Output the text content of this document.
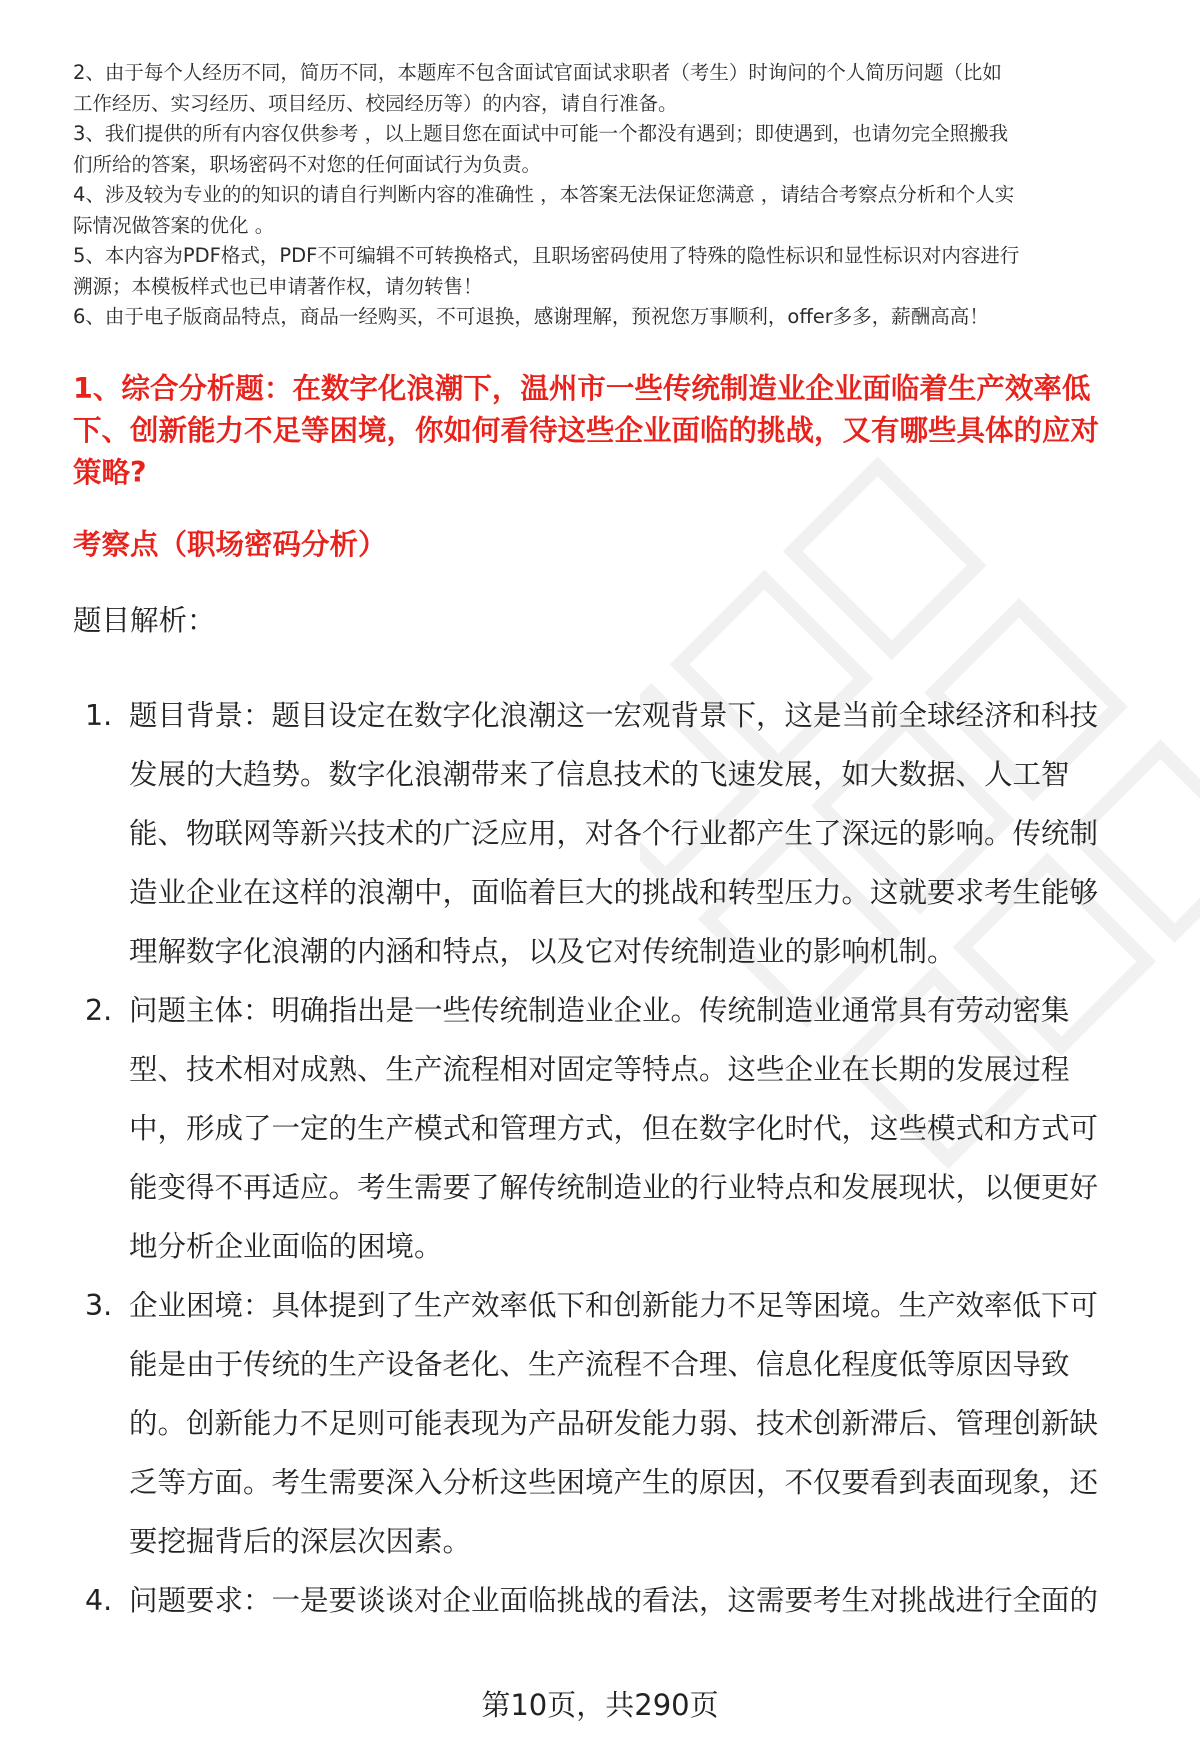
2、由于每个人经历不同，简历不同，本题库不包含面试官面试求职者（考生）时询问的个人简历问题（比如
工作经历、实习经历、项目经历、校园经历等）的内容，请自行准备。
3、我们提供的所有内容仅供参考 ，以上题目您在面试中可能一个都没有遇到；即使遇到，也请勿完全照搬我
们所给的答案，职场密码不对您的任何面试行为负责。
4、涉及较为专业的的知识的请自行判断内容的准确性 ，本答案无法保证您满意 ，请结合考察点分析和个人实
际情况做答案的优化 。
5、本内容为PDF格式，PDF不可编辑不可转换格式，且职场密码使用了特殊的隐性标识和显性标识对内容进行
溯源；本模板样式也已申请著作权，请勿转售！
6、由于电子版商品特点，商品一经购买，不可退换，感谢理解，预祝您万事顺利，offer多多，薪酬高高！
1、综合分析题：在数字化浪潮下，温州市一些传统制造业企业面临着生产效率低
下、创新能力不足等困境，你如何看待这些企业面临的挑战，又有哪些具体的应对
策略?
考察点（职场密码分析）
题目解析：
1. 题目背景：题目设定在数字化浪潮这一宏观背景下，这是当前全球经济和科技
发展的大趋势。数字化浪潮带来了信息技术的飞速发展，如大数据、人工智
能、物联网等新兴技术的广泛应用，对各个行业都产生了深远的影响。传统制
造业企业在这样的浪潮中，面临着巨大的挑战和转型压力。这就要求考生能够
理解数字化浪潮的内涵和特点，以及它对传统制造业的影响机制。
2. 问题主体：明确指出是一些传统制造业企业。传统制造业通常具有劳动密集
型、技术相对成熟、生产流程相对固定等特点。这些企业在长期的发展过程
中，形成了一定的生产模式和管理方式，但在数字化时代，这些模式和方式可
能变得不再适应。考生需要了解传统制造业的行业特点和发展现状，以便更好
地分析企业面临的困境。
3. 企业困境：具体提到了生产效率低下和创新能力不足等困境。生产效率低下可
能是由于传统的生产设备老化、生产流程不合理、信息化程度低等原因导致
的。创新能力不足则可能表现为产品研发能力弱、技术创新滞后、管理创新缺
乏等方面。考生需要深入分析这些困境产生的原因，不仅要看到表面现象，还
要挖掘背后的深层次因素。
4. 问题要求：一是要谈谈对企业面临挑战的看法，这需要考生对挑战进行全面的
第10页，共290页
